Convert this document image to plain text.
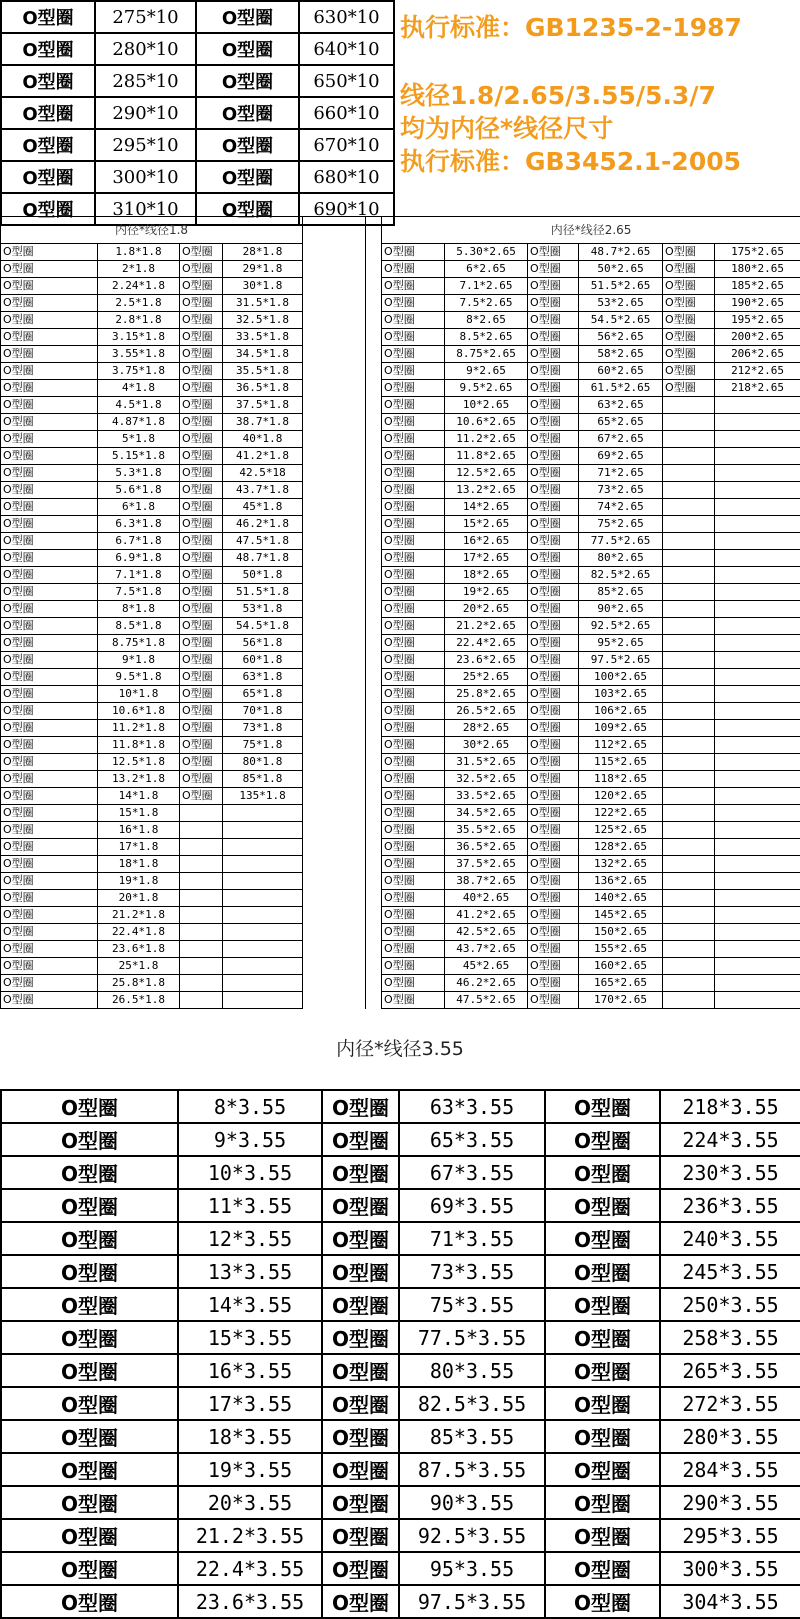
O型圈	275*10	O型圈	630*10
O型圈	280*10	O型圈	640*10
O型圈	285*10	O型圈	650*10
O型圈	290*10	O型圈	660*10
O型圈	295*10	O型圈	670*10
O型圈	300*10	O型圈	680*10
O型圈	310*10	O型圈	690*10
执行标准：GB1235-2-1987
线径1.8/2.65/3.55/5.3/7
均为内径*线径尺寸
执行标准：GB3452.1-2005
内径*线径1.8						内径*线径2.65					
O型圈	1.8*1.8	O型圈	28*1.8			O型圈	5.30*2.65	O型圈	48.7*2.65	O型圈	175*2.65
O型圈	2*1.8	O型圈	29*1.8			O型圈	6*2.65	O型圈	50*2.65	O型圈	180*2.65
O型圈	2.24*1.8	O型圈	30*1.8			O型圈	7.1*2.65	O型圈	51.5*2.65	O型圈	185*2.65
O型圈	2.5*1.8	O型圈	31.5*1.8			O型圈	7.5*2.65	O型圈	53*2.65	O型圈	190*2.65
O型圈	2.8*1.8	O型圈	32.5*1.8			O型圈	8*2.65	O型圈	54.5*2.65	O型圈	195*2.65
O型圈	3.15*1.8	O型圈	33.5*1.8			O型圈	8.5*2.65	O型圈	56*2.65	O型圈	200*2.65
O型圈	3.55*1.8	O型圈	34.5*1.8			O型圈	8.75*2.65	O型圈	58*2.65	O型圈	206*2.65
O型圈	3.75*1.8	O型圈	35.5*1.8			O型圈	9*2.65	O型圈	60*2.65	O型圈	212*2.65
O型圈	4*1.8	O型圈	36.5*1.8			O型圈	9.5*2.65	O型圈	61.5*2.65	O型圈	218*2.65
O型圈	4.5*1.8	O型圈	37.5*1.8			O型圈	10*2.65	O型圈	63*2.65		
O型圈	4.87*1.8	O型圈	38.7*1.8			O型圈	10.6*2.65	O型圈	65*2.65		
O型圈	5*1.8	O型圈	40*1.8			O型圈	11.2*2.65	O型圈	67*2.65		
O型圈	5.15*1.8	O型圈	41.2*1.8			O型圈	11.8*2.65	O型圈	69*2.65		
O型圈	5.3*1.8	O型圈	42.5*18			O型圈	12.5*2.65	O型圈	71*2.65		
O型圈	5.6*1.8	O型圈	43.7*1.8			O型圈	13.2*2.65	O型圈	73*2.65		
O型圈	6*1.8	O型圈	45*1.8			O型圈	14*2.65	O型圈	74*2.65		
O型圈	6.3*1.8	O型圈	46.2*1.8			O型圈	15*2.65	O型圈	75*2.65		
O型圈	6.7*1.8	O型圈	47.5*1.8			O型圈	16*2.65	O型圈	77.5*2.65		
O型圈	6.9*1.8	O型圈	48.7*1.8			O型圈	17*2.65	O型圈	80*2.65		
O型圈	7.1*1.8	O型圈	50*1.8			O型圈	18*2.65	O型圈	82.5*2.65		
O型圈	7.5*1.8	O型圈	51.5*1.8			O型圈	19*2.65	O型圈	85*2.65		
O型圈	8*1.8	O型圈	53*1.8			O型圈	20*2.65	O型圈	90*2.65		
O型圈	8.5*1.8	O型圈	54.5*1.8			O型圈	21.2*2.65	O型圈	92.5*2.65		
O型圈	8.75*1.8	O型圈	56*1.8			O型圈	22.4*2.65	O型圈	95*2.65		
O型圈	9*1.8	O型圈	60*1.8			O型圈	23.6*2.65	O型圈	97.5*2.65		
O型圈	9.5*1.8	O型圈	63*1.8			O型圈	25*2.65	O型圈	100*2.65		
O型圈	10*1.8	O型圈	65*1.8			O型圈	25.8*2.65	O型圈	103*2.65		
O型圈	10.6*1.8	O型圈	70*1.8			O型圈	26.5*2.65	O型圈	106*2.65		
O型圈	11.2*1.8	O型圈	73*1.8			O型圈	28*2.65	O型圈	109*2.65		
O型圈	11.8*1.8	O型圈	75*1.8			O型圈	30*2.65	O型圈	112*2.65		
O型圈	12.5*1.8	O型圈	80*1.8			O型圈	31.5*2.65	O型圈	115*2.65		
O型圈	13.2*1.8	O型圈	85*1.8			O型圈	32.5*2.65	O型圈	118*2.65		
O型圈	14*1.8	O型圈	135*1.8			O型圈	33.5*2.65	O型圈	120*2.65		
O型圈	15*1.8					O型圈	34.5*2.65	O型圈	122*2.65		
O型圈	16*1.8					O型圈	35.5*2.65	O型圈	125*2.65		
O型圈	17*1.8					O型圈	36.5*2.65	O型圈	128*2.65		
O型圈	18*1.8					O型圈	37.5*2.65	O型圈	132*2.65		
O型圈	19*1.8					O型圈	38.7*2.65	O型圈	136*2.65		
O型圈	20*1.8					O型圈	40*2.65	O型圈	140*2.65		
O型圈	21.2*1.8					O型圈	41.2*2.65	O型圈	145*2.65		
O型圈	22.4*1.8					O型圈	42.5*2.65	O型圈	150*2.65		
O型圈	23.6*1.8					O型圈	43.7*2.65	O型圈	155*2.65		
O型圈	25*1.8					O型圈	45*2.65	O型圈	160*2.65		
O型圈	25.8*1.8					O型圈	46.2*2.65	O型圈	165*2.65		
O型圈	26.5*1.8					O型圈	47.5*2.65	O型圈	170*2.65		
内径*线径3.55
O型圈	8*3.55	O型圈	63*3.55	O型圈	218*3.55
O型圈	9*3.55	O型圈	65*3.55	O型圈	224*3.55
O型圈	10*3.55	O型圈	67*3.55	O型圈	230*3.55
O型圈	11*3.55	O型圈	69*3.55	O型圈	236*3.55
O型圈	12*3.55	O型圈	71*3.55	O型圈	240*3.55
O型圈	13*3.55	O型圈	73*3.55	O型圈	245*3.55
O型圈	14*3.55	O型圈	75*3.55	O型圈	250*3.55
O型圈	15*3.55	O型圈	77.5*3.55	O型圈	258*3.55
O型圈	16*3.55	O型圈	80*3.55	O型圈	265*3.55
O型圈	17*3.55	O型圈	82.5*3.55	O型圈	272*3.55
O型圈	18*3.55	O型圈	85*3.55	O型圈	280*3.55
O型圈	19*3.55	O型圈	87.5*3.55	O型圈	284*3.55
O型圈	20*3.55	O型圈	90*3.55	O型圈	290*3.55
O型圈	21.2*3.55	O型圈	92.5*3.55	O型圈	295*3.55
O型圈	22.4*3.55	O型圈	95*3.55	O型圈	300*3.55
O型圈	23.6*3.55	O型圈	97.5*3.55	O型圈	304*3.55
